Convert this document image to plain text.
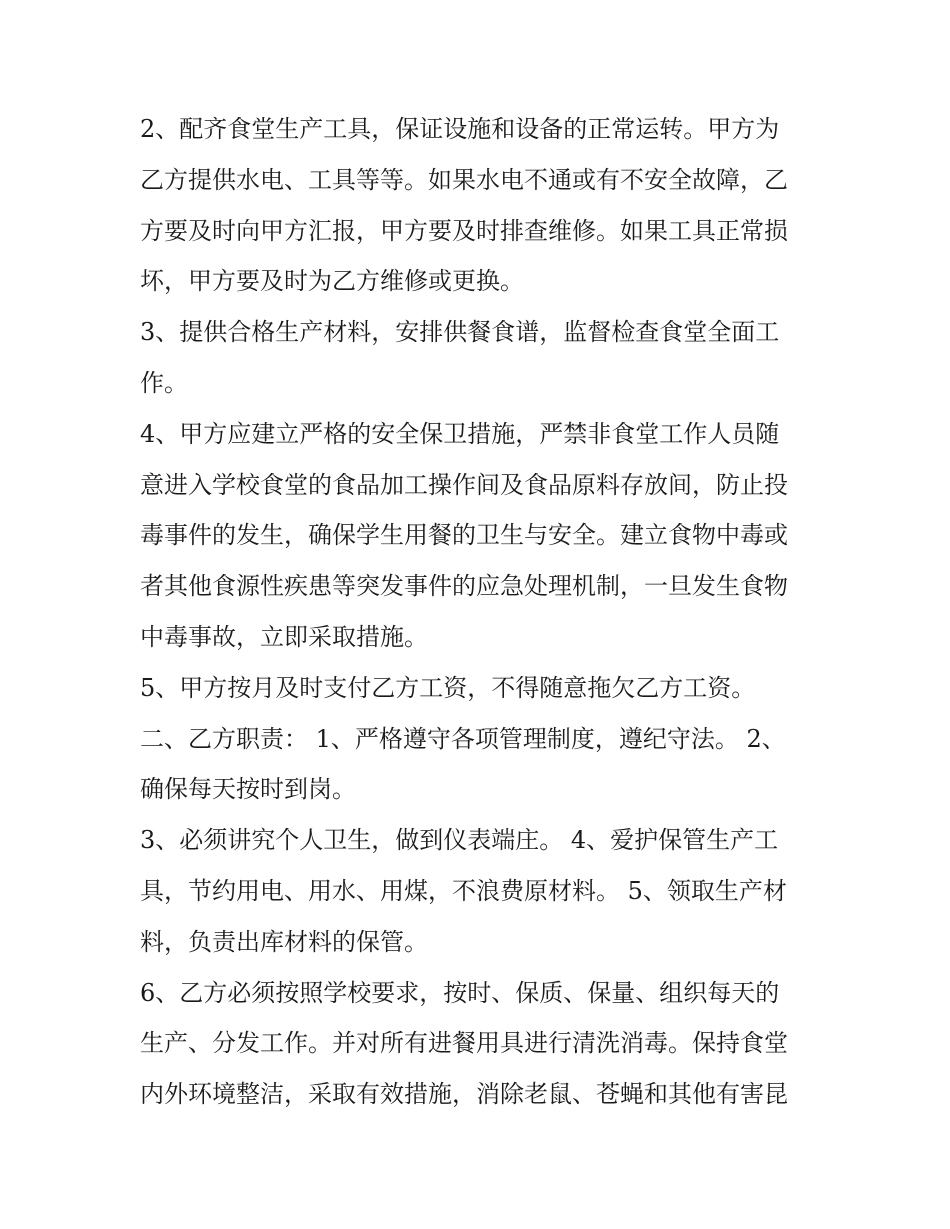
2、配齐食堂生产工具，保证设施和设备的正常运转。甲方为
乙方提供水电、工具等等。如果水电不通或有不安全故障，乙
方要及时向甲方汇报，甲方要及时排查维修。如果工具正常损
坏，甲方要及时为乙方维修或更换。
3、提供合格生产材料，安排供餐食谱，监督检查食堂全面工
作。
4、甲方应建立严格的安全保卫措施，严禁非食堂工作人员随
意进入学校食堂的食品加工操作间及食品原料存放间，防止投
毒事件的发生，确保学生用餐的卫生与安全。建立食物中毒或
者其他食源性疾患等突发事件的应急处理机制，一旦发生食物
中毒事故，立即采取措施。
5、甲方按月及时支付乙方工资，不得随意拖欠乙方工资。
二、乙方职责： 1、严格遵守各项管理制度，遵纪守法。 2、
确保每天按时到岗。
3、必须讲究个人卫生，做到仪表端庄。 4、爱护保管生产工
具，节约用电、用水、用煤，不浪费原材料。 5、领取生产材
料，负责出库材料的保管。
6、乙方必须按照学校要求，按时、保质、保量、组织每天的
生产、分发工作。并对所有进餐用具进行清洗消毒。保持食堂
内外环境整洁，采取有效措施，消除老鼠、苍蝇和其他有害昆
